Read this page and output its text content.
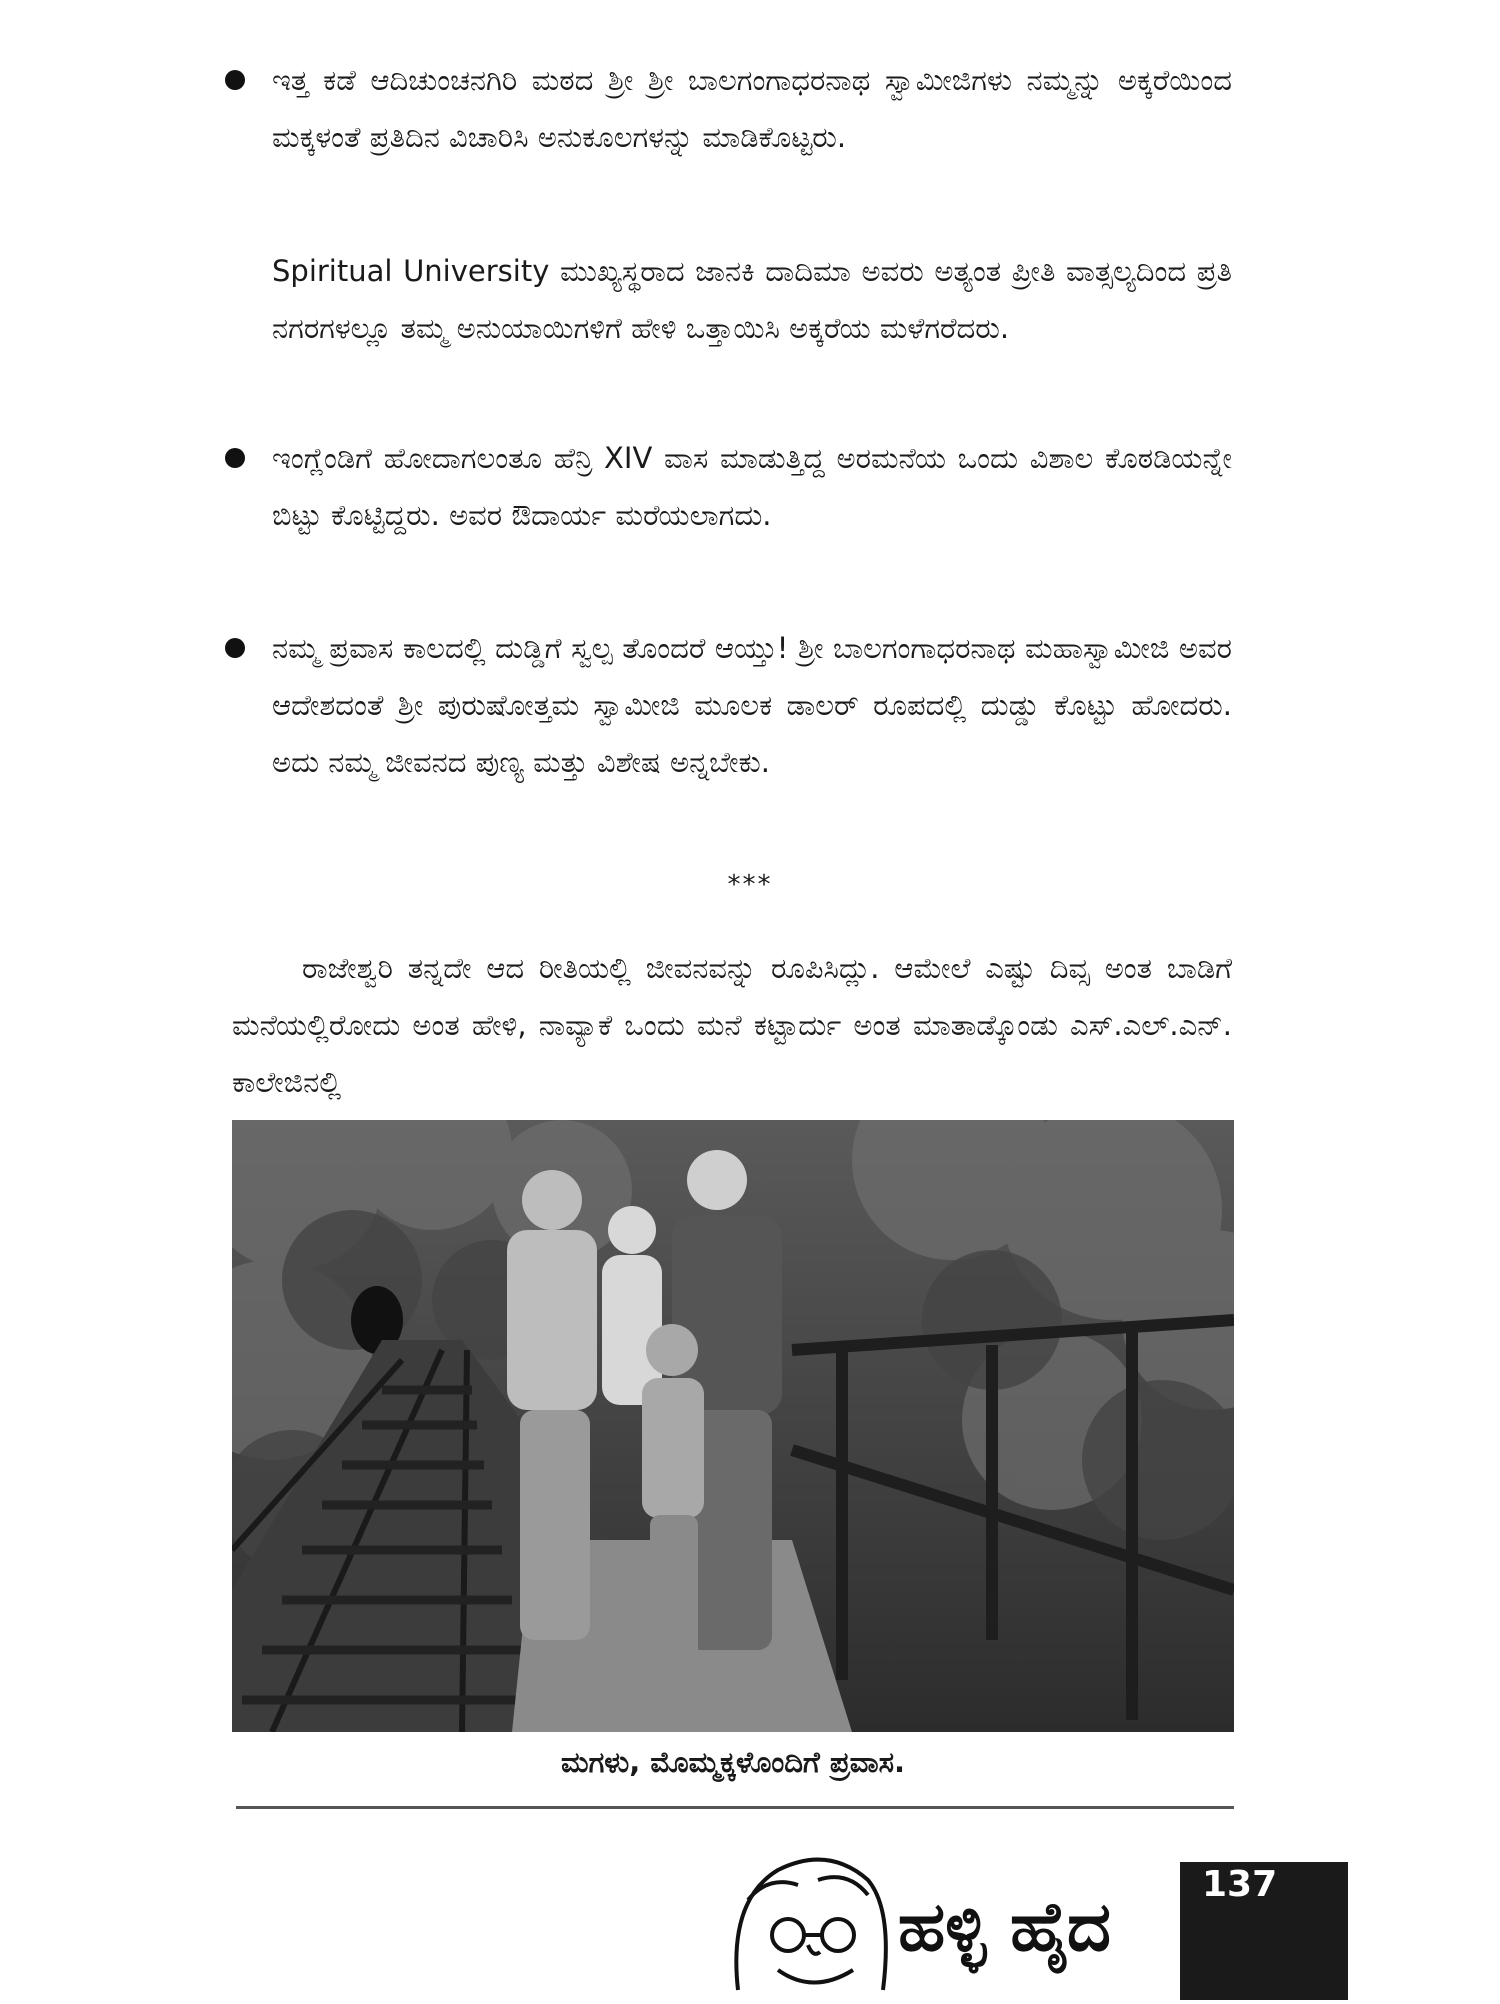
ಇತ್ತ ಕಡೆ ಆದಿಚುಂಚನಗಿರಿ ಮಠದ ಶ್ರೀ ಶ್ರೀ ಬಾಲಗಂಗಾಧರನಾಥ ಸ್ವಾಮೀಜಿಗಳು ನಮ್ಮನ್ನು ಅಕ್ಕರೆಯಿಂದ ಮಕ್ಕಳಂತೆ ಪ್ರತಿದಿನ ವಿಚಾರಿಸಿ ಅನುಕೂಲಗಳನ್ನು ಮಾಡಿಕೊಟ್ಟರು.
Spiritual University ಮುಖ್ಯಸ್ಥರಾದ ಜಾನಕಿ ದಾದಿಮಾ ಅವರು ಅತ್ಯಂತ ಪ್ರೀತಿ ವಾತ್ಸಲ್ಯದಿಂದ ಪ್ರತಿ ನಗರಗಳಲ್ಲೂ ತಮ್ಮ ಅನುಯಾಯಿಗಳಿಗೆ ಹೇಳಿ ಒತ್ತಾಯಿಸಿ ಅಕ್ಕರೆಯ ಮಳೆಗರೆದರು.
ಇಂಗ್ಲೆಂಡಿಗೆ ಹೋದಾಗಲಂತೂ ಹೆನ್ರಿ XIV ವಾಸ ಮಾಡುತ್ತಿದ್ದ ಅರಮನೆಯ ಒಂದು ವಿಶಾಲ ಕೊಠಡಿಯನ್ನೇ ಬಿಟ್ಟು ಕೊಟ್ಟಿದ್ದರು. ಅವರ ಔದಾರ್ಯ ಮರೆಯಲಾಗದು.
ನಮ್ಮ ಪ್ರವಾಸ ಕಾಲದಲ್ಲಿ ದುಡ್ಡಿಗೆ ಸ್ವಲ್ಪ ತೊಂದರೆ ಆಯ್ತು! ಶ್ರೀ ಬಾಲಗಂಗಾಧರನಾಥ ಮಹಾಸ್ವಾಮೀಜಿ ಅವರ ಆದೇಶದಂತೆ ಶ್ರೀ ಪುರುಷೋತ್ತಮ ಸ್ವಾಮೀಜಿ ಮೂಲಕ ಡಾಲರ್ ರೂಪದಲ್ಲಿ ದುಡ್ಡು ಕೊಟ್ಟು ಹೋದರು. ಅದು ನಮ್ಮ ಜೀವನದ ಪುಣ್ಯ ಮತ್ತು ವಿಶೇಷ ಅನ್ನಬೇಕು.
***
ರಾಜೇಶ್ವರಿ ತನ್ನದೇ ಆದ ರೀತಿಯಲ್ಲಿ ಜೀವನವನ್ನು ರೂಪಿಸಿದ್ಲು. ಆಮೇಲೆ ಎಷ್ಟು ದಿವ್ಸ ಅಂತ ಬಾಡಿಗೆ ಮನೆಯಲ್ಲಿರೋದು ಅಂತ ಹೇಳಿ, ನಾವ್ಯಾಕೆ ಒಂದು ಮನೆ ಕಟ್ಟಾರ್ದು ಅಂತ ಮಾತಾಡ್ಕೊಂಡು ಎಸ್.ಎಲ್.ಎನ್. ಕಾಲೇಜಿನಲ್ಲಿ
ಮಗಳು, ಮೊಮ್ಮಕ್ಕಳೊಂದಿಗೆ ಪ್ರವಾಸ.
ಹಳ್ಳಿ ಹೈದ
137
